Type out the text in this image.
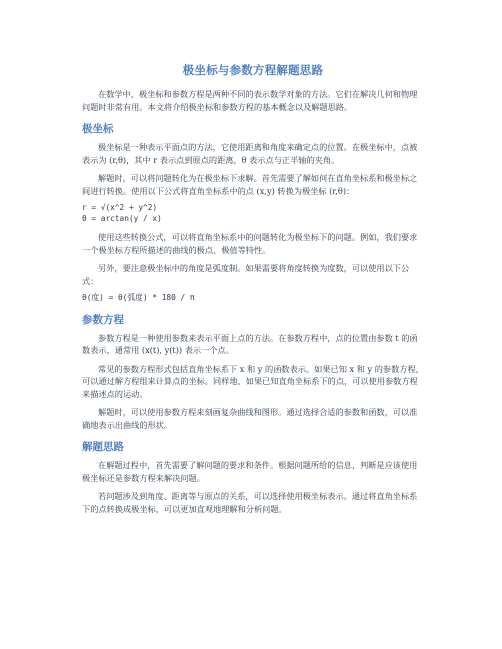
极坐标与参数方程解题思路

在数学中，极坐标和参数方程是两种不同的表示数学对象的方法。它们在解决几何和物理问题时非常有用。本文将介绍极坐标和参数方程的基本概念以及解题思路。

极坐标

极坐标是一种表示平面点的方法，它使用距离和角度来确定点的位置。在极坐标中，点被表示为 (r,θ)，其中 r 表示点到原点的距离，θ 表示点与正半轴的夹角。

解题时，可以将问题转化为在极坐标下求解。首先需要了解如何在直角坐标系和极坐标之间进行转换。使用以下公式将直角坐标系中的点 (x,y) 转换为极坐标 (r,θ)：

r = √(x^2 + y^2)
θ = arctan(y / x)

使用这些转换公式，可以将直角坐标系中的问题转化为极坐标下的问题。例如，我们要求一个极坐标方程所描述的曲线的极点、极值等特性。

另外，要注意极坐标中的角度是弧度制。如果需要将角度转换为度数，可以使用以下公式：

θ(度) = θ(弧度) * 180 / π
参数方程

参数方程是一种使用参数来表示平面上点的方法。在参数方程中，点的位置由参数 t 的函数表示，通常用 (x(t), y(t)) 表示一个点。

常见的参数方程形式包括直角坐标系下 x 和 y 的函数表示。如果已知 x 和 y 的参数方程，可以通过解方程组来计算点的坐标。同样地，如果已知直角坐标系下的点，可以使用参数方程来描述点的运动。

解题时，可以使用参数方程来刻画复杂曲线和图形。通过选择合适的参数和函数，可以准确地表示出曲线的形状。

解题思路

在解题过程中，首先需要了解问题的要求和条件。根据问题所给的信息，判断是应该使用极坐标还是参数方程来解决问题。

若问题涉及到角度、距离等与原点的关系，可以选择使用极坐标表示。通过将直角坐标系下的点转换成极坐标，可以更加直观地理解和分析问题。
